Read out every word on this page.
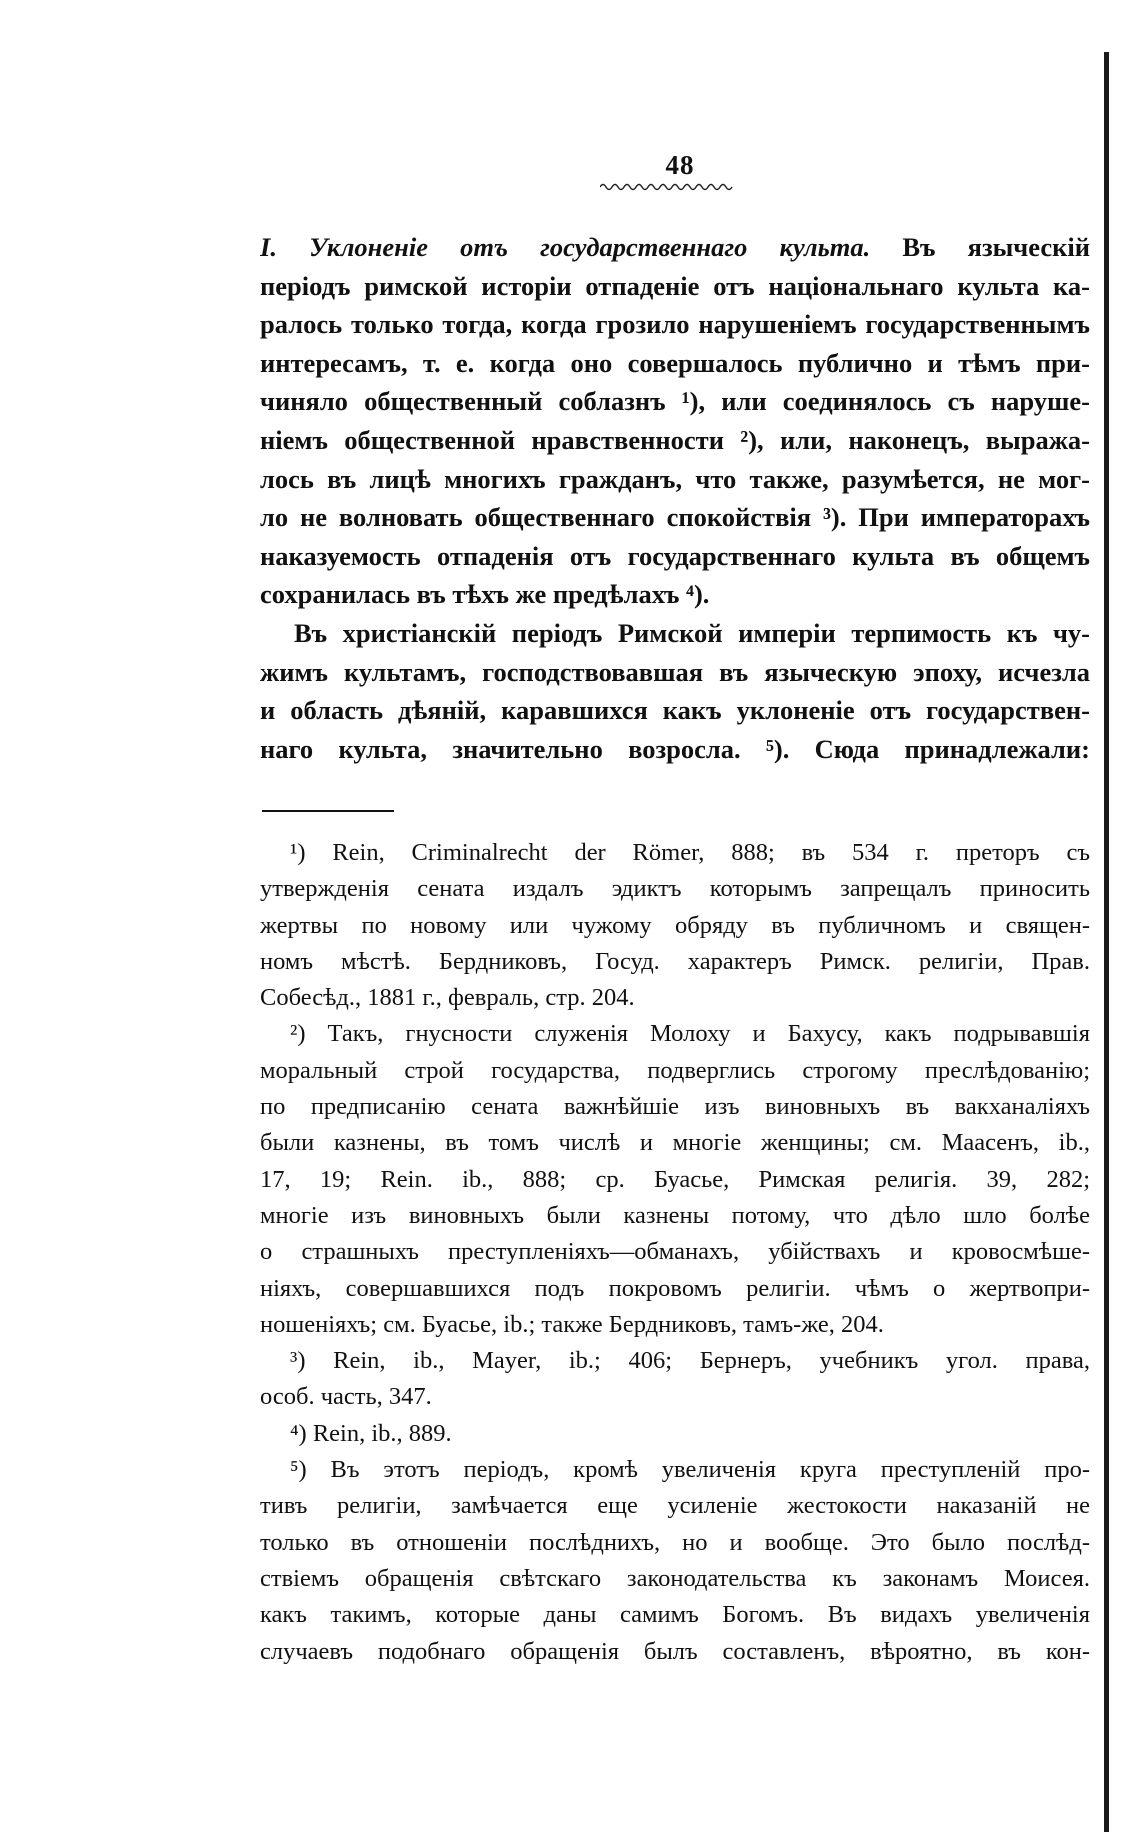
48
I. Уклоненіе отъ государственнаго культа. Въ языческій
періодъ римской исторіи отпаденіе отъ національнаго культа ка-
ралось только тогда, когда грозило нарушеніемъ государственнымъ
интересамъ, т. е. когда оно совершалось публично и тѣмъ при-
чиняло общественный соблазнъ ¹), или соединялось съ наруше-
ніемъ общественной нравственности ²), или, наконецъ, выража-
лось въ лицѣ многихъ гражданъ, что также, разумѣется, не мог-
ло не волновать общественнаго спокойствія ³). При императорахъ
наказуемость отпаденія отъ государственнаго культа въ общемъ
сохранилась въ тѣхъ же предѣлахъ ⁴).
Въ христіанскій періодъ Римской имперіи терпимость къ чу-
жимъ культамъ, господствовавшая въ языческую эпоху, исчезла
и область дѣяній, каравшихся какъ уклоненіе отъ государствен-
наго культа, значительно возросла. ⁵). Сюда принадлежали:
¹) Rein, Criminalrecht der Römer, 888; въ 534 г. преторъ съ
утвержденія сената издалъ эдиктъ которымъ запрещалъ приносить
жертвы по новому или чужому обряду въ публичномъ и священ-
номъ мѣстѣ. Бердниковъ, Госуд. характеръ Римск. религіи, Прав.
Собесѣд., 1881 г., февраль, стр. 204.
²) Такъ, гнусности служенія Молоху и Бахусу, какъ подрывавшія
моральный строй государства, подверглись строгому преслѣдованію;
по предписанію сената важнѣйшіе изъ виновныхъ въ вакханаліяхъ
были казнены, въ томъ числѣ и многіе женщины; см. Маасенъ, ib.,
17, 19; Rein. ib., 888; ср. Буасье, Римская религія. 39, 282;
многіе изъ виновныхъ были казнены потому, что дѣло шло болѣе
о страшныхъ преступленіяхъ—обманахъ, убійствахъ и кровосмѣше-
ніяхъ, совершавшихся подъ покровомъ религіи. чѣмъ о жертвопри-
ношеніяхъ; см. Буасье, ib.; также Бердниковъ, тамъ-же, 204.
³) Rein, ib., Mayer, ib.; 406; Бернеръ, учебникъ угол. права,
особ. часть, 347.
⁴) Rein, ib., 889.
⁵) Въ этотъ періодъ, кромѣ увеличенія круга преступленій про-
тивъ религіи, замѣчается еще усиленіе жестокости наказаній не
только въ отношеніи послѣднихъ, но и вообще. Это было послѣд-
ствіемъ обращенія свѣтскаго законодательства къ законамъ Моисея.
какъ такимъ, которые даны самимъ Богомъ. Въ видахъ увеличенія
случаевъ подобнаго обращенія былъ составленъ, вѣроятно, въ кон-
